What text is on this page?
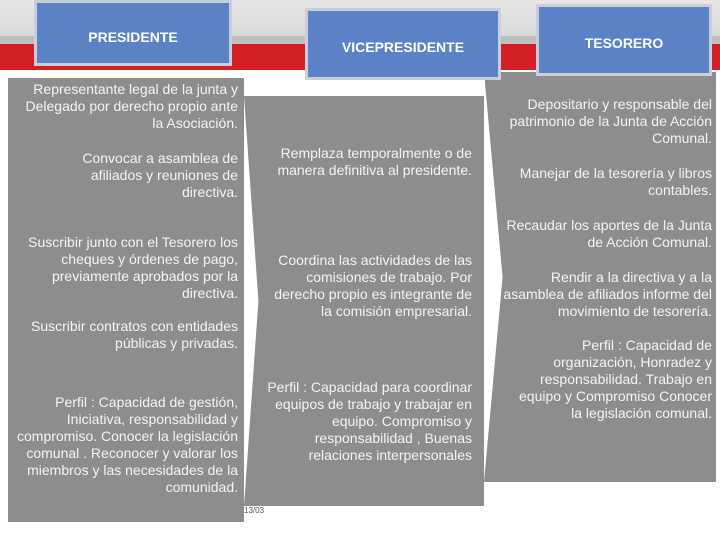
PRESIDENTE
VICEPRESIDENTE	TESORERO
Representante legal de la junta y Delegado por derecho propio ante la Asociación.
Convocar a asamblea de afiliados y reuniones de directiva.
Suscribir junto con el Tesorero los cheques y órdenes de pago, previamente aprobados por la directiva.
Suscribir contratos con entidades públicas y privadas.
Perfil : Capacidad de gestión, Iniciativa, responsabilidad y compromiso. Conocer la legislación comunal . Reconocer y valorar los miembros y las necesidades de la comunidad.
Remplaza temporalmente o de manera definitiva al presidente.
Coordina las actividades de las comisiones de trabajo. Por derecho propio es integrante de la comisión empresarial.
Perfil : Capacidad para coordinar equipos de trabajo y trabajar en equipo. Compromiso y responsabilidad , Buenas relaciones interpersonales
Depositario y responsable del patrimonio de la Junta de Acción Comunal.
Manejar de la tesorería y libros contables.
Recaudar los aportes de la Junta de Acción Comunal.
Rendir a la directiva y a la asamblea de afiliados informe del movimiento de tesorería.
Perfil : Capacidad de organización, Honradez y responsabilidad. Trabajo en equipo y Compromiso Conocer la legislación comunal.
13/03
